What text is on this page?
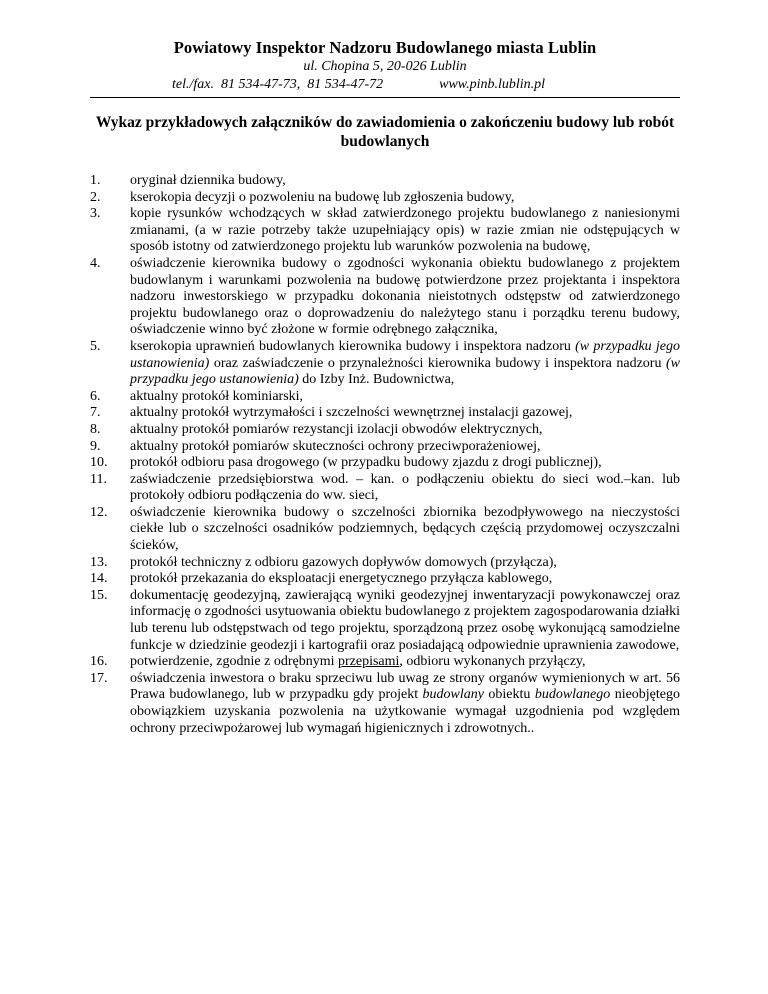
Powiatowy Inspektor Nadzoru Budowlanego miasta Lublin
ul. Chopina 5, 20-026 Lublin
tel./fax.  81 534-47-73,  81 534-47-72                www.pinb.lublin.pl
Wykaz przykładowych załączników do zawiadomienia o zakończeniu budowy lub robót budowlanych
1.	oryginał dziennika budowy,
2.	kserokopia decyzji o pozwoleniu na budowę lub zgłoszenia budowy,
3.	kopie rysunków wchodzących w skład zatwierdzonego projektu budowlanego z naniesionymi zmianami, (a w razie potrzeby także uzupełniający opis) w razie zmian nie odstępujących w sposób istotny od zatwierdzonego projektu lub warunków pozwolenia na budowę,
4.	oświadczenie kierownika budowy o zgodności wykonania obiektu budowlanego z projektem budowlanym i warunkami pozwolenia na budowę potwierdzone przez projektanta i inspektora nadzoru inwestorskiego w przypadku dokonania nieistotnych odstępstw od zatwierdzonego projektu budowlanego oraz o doprowadzeniu do należytego stanu i porządku terenu budowy, oświadczenie winno być złożone w formie odrębnego załącznika,
5.	kserokopia uprawnień budowlanych kierownika budowy i inspektora nadzoru (w przypadku jego ustanowienia) oraz zaświadczenie o przynależności kierownika budowy i inspektora nadzoru (w przypadku jego ustanowienia) do Izby Inż. Budownictwa,
6.	aktualny protokół kominiarski,
7.	aktualny protokół wytrzymałości i szczelności wewnętrznej instalacji gazowej,
8.	aktualny protokół pomiarów rezystancji izolacji obwodów elektrycznych,
9.	aktualny protokół pomiarów skuteczności ochrony przeciwporażeniowej,
10.	protokół odbioru pasa drogowego (w przypadku budowy zjazdu z drogi publicznej),
11.	zaświadczenie przedsiębiorstwa wod. – kan. o podłączeniu obiektu do sieci wod.–kan. lub protokoły odbioru podłączenia do ww. sieci,
12.	oświadczenie kierownika budowy o szczelności zbiornika bezodpływowego na nieczystości ciekłe lub o szczelności osadników podziemnych, będących częścią przydomowej oczyszczalni ścieków,
13.	protokół techniczny z odbioru gazowych dopływów domowych (przyłącza),
14.	protokół przekazania do eksploatacji energetycznego przyłącza kablowego,
15.	dokumentację geodezyjną, zawierającą wyniki geodezyjnej inwentaryzacji powykonawczej oraz informację o zgodności usytuowania obiektu budowlanego z projektem zagospodarowania działki lub terenu lub odstępstwach od tego projektu, sporządzoną przez osobę wykonującą samodzielne funkcje w dziedzinie geodezji i kartografii oraz posiadającą odpowiednie uprawnienia zawodowe,
16.	potwierdzenie, zgodnie z odrębnymi przepisami, odbioru wykonanych przyłączy,
17.	oświadczenia inwestora o braku sprzeciwu lub uwag ze strony organów wymienionych w art. 56 Prawa budowlanego, lub w przypadku gdy projekt budowlany obiektu budowlanego nieobjętego obowiązkiem uzyskania pozwolenia na użytkowanie wymagał uzgodnienia pod względem ochrony przeciwpożarowej lub wymagań higienicznych i zdrowotnych..
